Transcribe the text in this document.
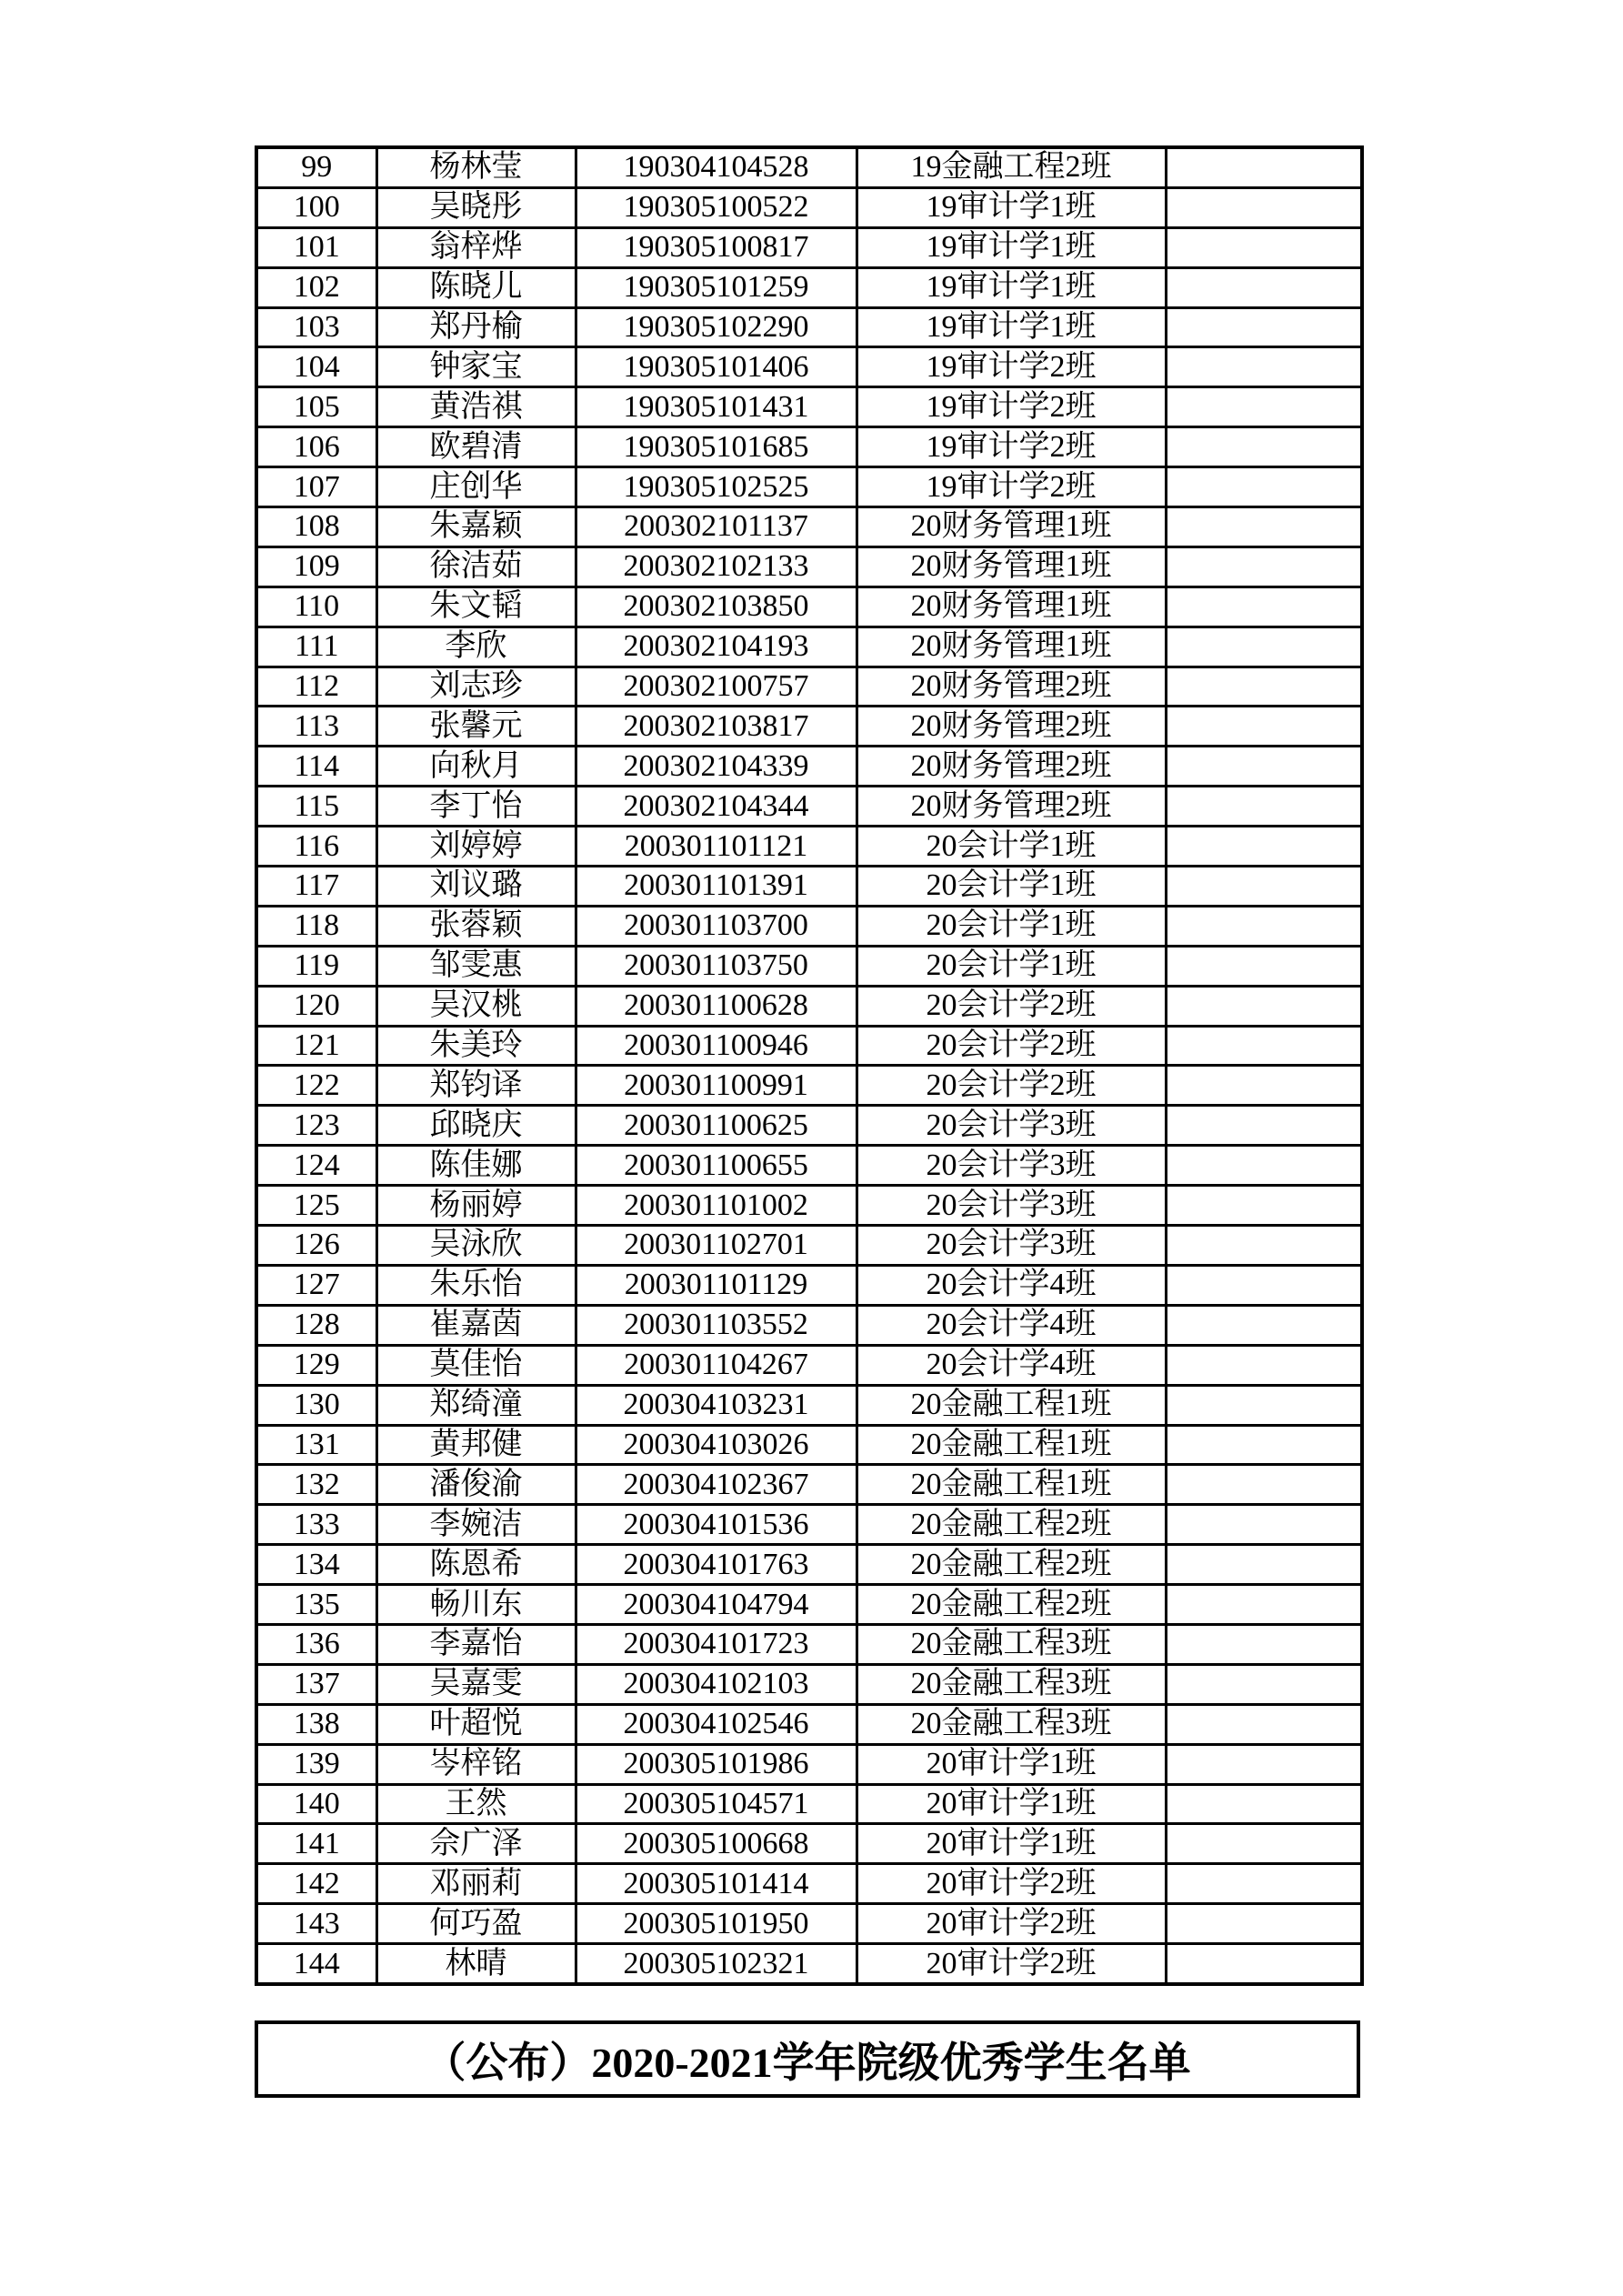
99	杨林莹	190304104528	19金融工程2班	
100	吴晓彤	190305100522	19审计学1班	
101	翁梓烨	190305100817	19审计学1班	
102	陈晓儿	190305101259	19审计学1班	
103	郑丹榆	190305102290	19审计学1班	
104	钟家宝	190305101406	19审计学2班	
105	黄浩祺	190305101431	19审计学2班	
106	欧碧清	190305101685	19审计学2班	
107	庄创华	190305102525	19审计学2班	
108	朱嘉颖	200302101137	20财务管理1班	
109	徐洁茹	200302102133	20财务管理1班	
110	朱文韬	200302103850	20财务管理1班	
111	李欣	200302104193	20财务管理1班	
112	刘志珍	200302100757	20财务管理2班	
113	张馨元	200302103817	20财务管理2班	
114	向秋月	200302104339	20财务管理2班	
115	李丁怡	200302104344	20财务管理2班	
116	刘婷婷	200301101121	20会计学1班	
117	刘议璐	200301101391	20会计学1班	
118	张蓉颖	200301103700	20会计学1班	
119	邹雯惠	200301103750	20会计学1班	
120	吴汉桃	200301100628	20会计学2班	
121	朱美玲	200301100946	20会计学2班	
122	郑钧译	200301100991	20会计学2班	
123	邱晓庆	200301100625	20会计学3班	
124	陈佳娜	200301100655	20会计学3班	
125	杨丽婷	200301101002	20会计学3班	
126	吴泳欣	200301102701	20会计学3班	
127	朱乐怡	200301101129	20会计学4班	
128	崔嘉茵	200301103552	20会计学4班	
129	莫佳怡	200301104267	20会计学4班	
130	郑绮潼	200304103231	20金融工程1班	
131	黄邦健	200304103026	20金融工程1班	
132	潘俊渝	200304102367	20金融工程1班	
133	李婉洁	200304101536	20金融工程2班	
134	陈恩希	200304101763	20金融工程2班	
135	畅川东	200304104794	20金融工程2班	
136	李嘉怡	200304101723	20金融工程3班	
137	吴嘉雯	200304102103	20金融工程3班	
138	叶超悦	200304102546	20金融工程3班	
139	岑梓铭	200305101986	20审计学1班	
140	王然	200305104571	20审计学1班	
141	佘广泽	200305100668	20审计学1班	
142	邓丽莉	200305101414	20审计学2班	
143	何巧盈	200305101950	20审计学2班	
144	林晴	200305102321	20审计学2班	
（公布）2020-2021学年院级优秀学生名单
